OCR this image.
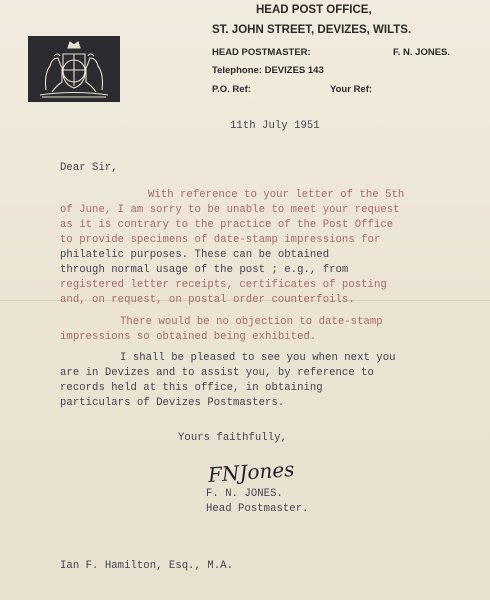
HEAD POST OFFICE,
ST. JOHN STREET, DEVIZES, WILTS.
HEAD POSTMASTER:	F. N. JONES.
Telephone: DEVIZES 143
P.O. Ref:	Your Ref:
11th July 1951
Dear Sir,
With reference to your letter of the 5th
of June, I am sorry to be unable to meet your request
as it is contrary to the practice of the Post Office
to provide specimens of date-stamp impressions for
philatelic purposes. These can be obtained
through normal usage of the post ; e.g., from
registered letter receipts, certificates of posting
and, on request, on postal order counterfoils.
There would be no objection to date-stamp
impressions so obtained being exhibited.
I shall be pleased to see you when next you
are in Devizes and to assist you, by reference to
records held at this office, in obtaining
particulars of Devizes Postmasters.
Yours faithfully,
FNJones
F. N. JONES.
Head Postmaster.
Ian F. Hamilton, Esq., M.A.
